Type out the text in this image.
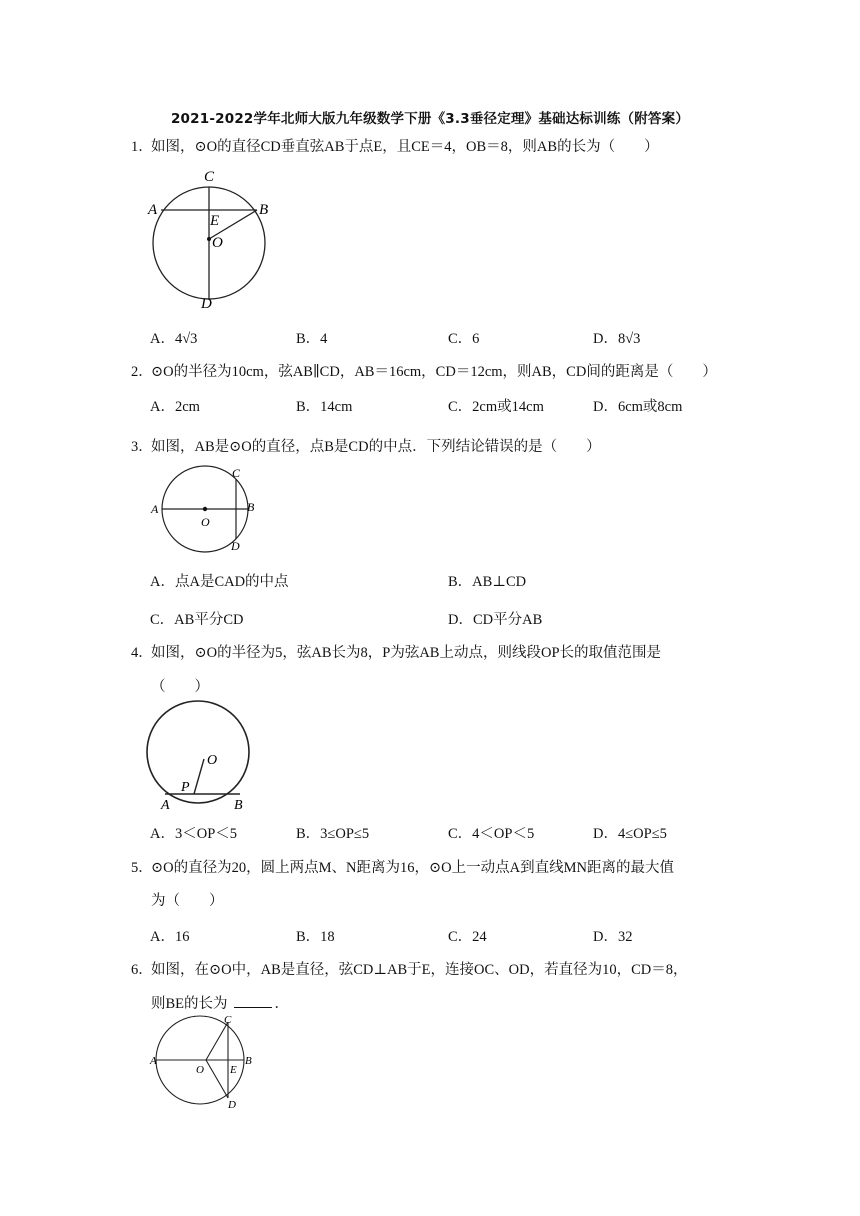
2021-2022学年北师大版九年级数学下册《3.3垂径定理》基础达标训练（附答案）
1．如图，⊙O的直径CD垂直弦AB于点E，且CE＝4，OB＝8，则AB的长为（　　）
C
A	B
E
O
D
A．4√3	B．4	C．6	D．8√3
2．⊙O的半径为10cm，弦AB∥CD，AB＝16cm，CD＝12cm，则AB，CD间的距离是（　　）
A．2cm	B．14cm	C．2cm或14cm	D．6cm或8cm
3．如图，AB是⊙O的直径，点B是CD的中点．下列结论错误的是（　　）
C
A
O
B
D
A．点A是CAD的中点	B．AB⊥CD
C．AB平分CD	D．CD平分AB
4．如图，⊙O的半径为5，弦AB长为8，P为弦AB上动点，则线段OP长的取值范围是
（　　）
O
P
A	B
A．3＜OP＜5	B．3≤OP≤5	C．4＜OP＜5	D．4≤OP≤5
5．⊙O的直径为20，圆上两点M、N距离为16，⊙O上一动点A到直线MN距离的最大值
为（　　）
A．16	B．18	C．24	D．32
6．如图，在⊙O中，AB是直径，弦CD⊥AB于E，连接OC、OD，若直径为10，CD＝8，
则BE的长为	．
C
A
O E
B
D
